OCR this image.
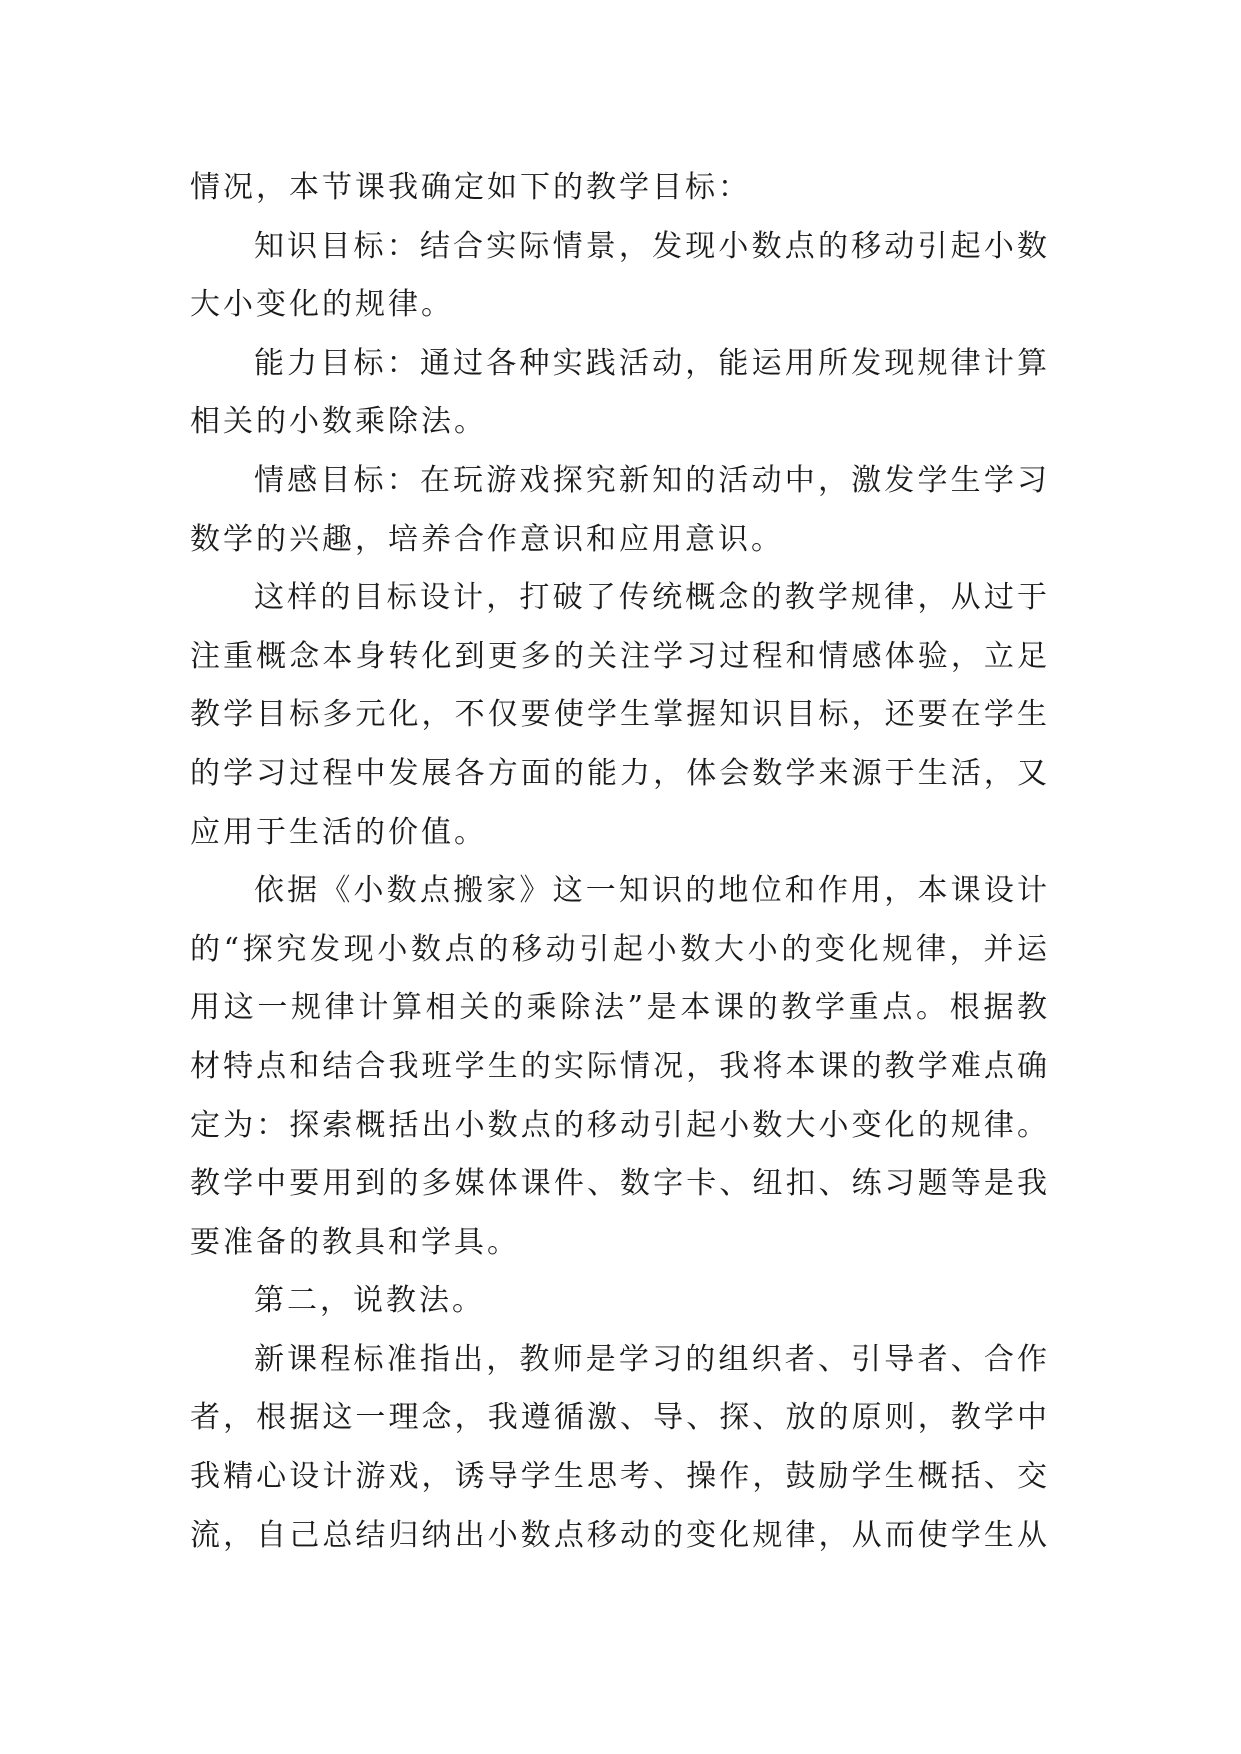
情况，本节课我确定如下的教学目标：
知识目标：结合实际情景，发现小数点的移动引起小数
大小变化的规律。
能力目标：通过各种实践活动，能运用所发现规律计算
相关的小数乘除法。
情感目标：在玩游戏探究新知的活动中，激发学生学习
数学的兴趣，培养合作意识和应用意识。
这样的目标设计，打破了传统概念的教学规律，从过于
注重概念本身转化到更多的关注学习过程和情感体验，立足
教学目标多元化，不仅要使学生掌握知识目标，还要在学生
的学习过程中发展各方面的能力，体会数学来源于生活，又
应用于生活的价值。
依据《小数点搬家》这一知识的地位和作用，本课设计
的“探究发现小数点的移动引起小数大小的变化规律，并运
用这一规律计算相关的乘除法”是本课的教学重点。根据教
材特点和结合我班学生的实际情况，我将本课的教学难点确
定为：探索概括出小数点的移动引起小数大小变化的规律。
教学中要用到的多媒体课件、数字卡、纽扣、练习题等是我
要准备的教具和学具。
第二，说教法。
新课程标准指出，教师是学习的组织者、引导者、合作
者，根据这一理念，我遵循激、导、探、放的原则，教学中
我精心设计游戏，诱导学生思考、操作，鼓励学生概括、交
流，自己总结归纳出小数点移动的变化规律，从而使学生从
